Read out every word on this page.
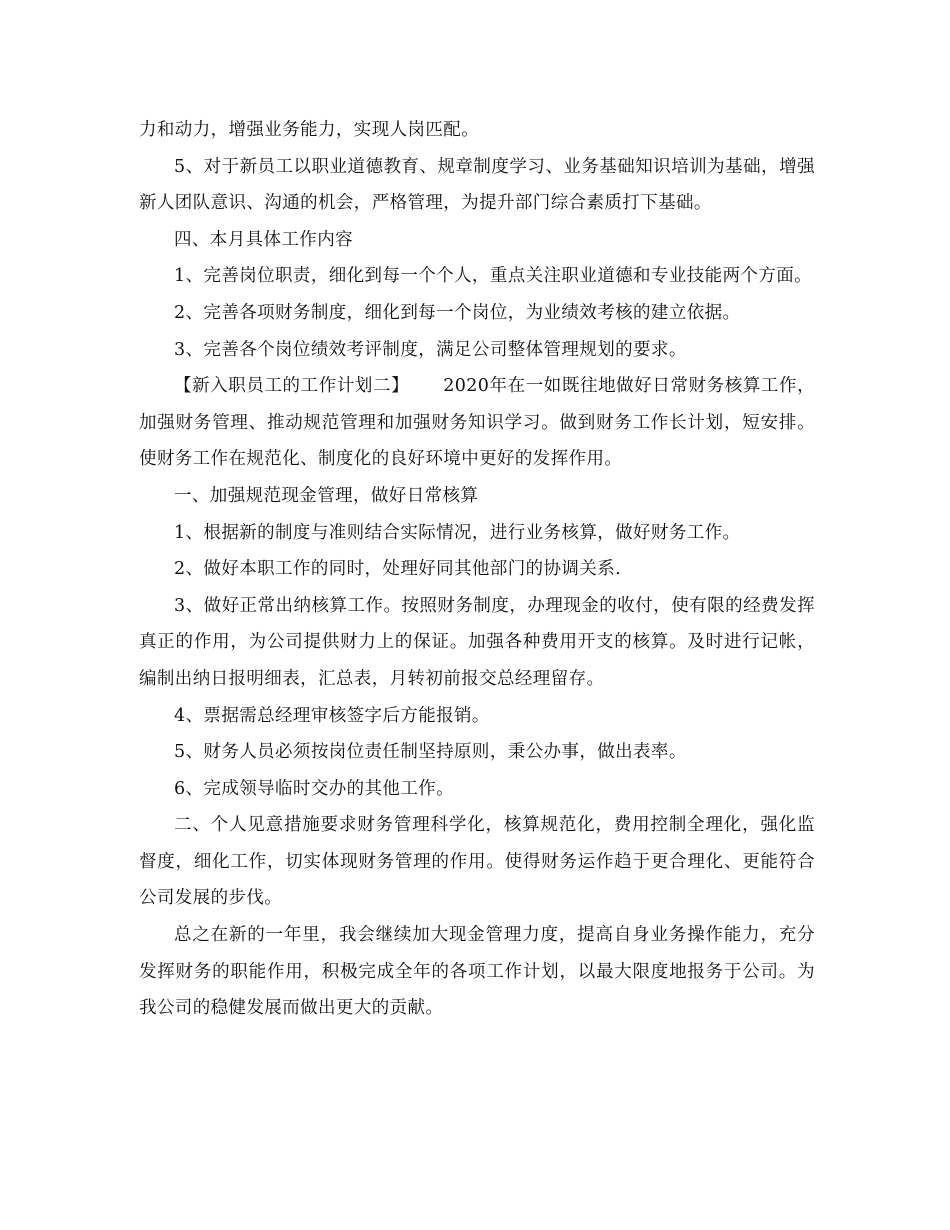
力和动力，增强业务能力，实现人岗匹配。

5、对于新员工以职业道德教育、规章制度学习、业务基础知识培训为基础，增强新人团队意识、沟通的机会，严格管理，为提升部门综合素质打下基础。

四、本月具体工作内容

1、完善岗位职责，细化到每一个个人，重点关注职业道德和专业技能两个方面。

2、完善各项财务制度，细化到每一个岗位，为业绩效考核的建立依据。

3、完善各个岗位绩效考评制度，满足公司整体管理规划的要求。

【新入职员工的工作计划二】 2020年在一如既往地做好日常财务核算工作，加强财务管理、推动规范管理和加强财务知识学习。做到财务工作长计划，短安排。使财务工作在规范化、制度化的良好环境中更好的发挥作用。

一、加强规范现金管理，做好日常核算

1、根据新的制度与准则结合实际情况，进行业务核算，做好财务工作。

2、做好本职工作的同时，处理好同其他部门的协调关系.

3、做好正常出纳核算工作。按照财务制度，办理现金的收付，使有限的经费发挥真正的作用，为公司提供财力上的保证。加强各种费用开支的核算。及时进行记帐，编制出纳日报明细表，汇总表，月转初前报交总经理留存。

4、票据需总经理审核签字后方能报销。

5、财务人员必须按岗位责任制坚持原则，秉公办事，做出表率。

6、完成领导临时交办的其他工作。

二、个人见意措施要求财务管理科学化，核算规范化，费用控制全理化，强化监督度，细化工作，切实体现财务管理的作用。使得财务运作趋于更合理化、更能符合公司发展的步伐。

总之在新的一年里，我会继续加大现金管理力度，提高自身业务操作能力，充分发挥财务的职能作用，积极完成全年的各项工作计划，以最大限度地报务于公司。为我公司的稳健发展而做出更大的贡献。
